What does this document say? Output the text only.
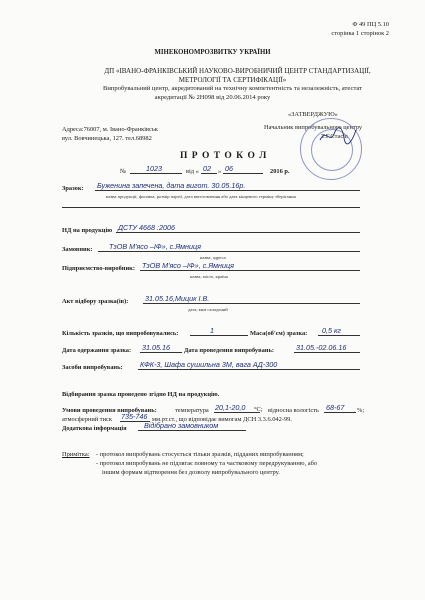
Ф 49 ПЦ 5.10
сторінка 1 сторінок 2
МІНЕКОНОМРОЗВИТКУ УКРАЇНИ
ДП «ІВАНО-ФРАНКІВСЬКИЙ НАУКОВО-ВИРОБНИЧИЙ ЦЕНТР СТАНДАРТИЗАЦІЇ,
МЕТРОЛОГІЇ ТА СЕРТИФІКАЦІЇ»
Випробувальний центр, акредитований на технічну компетентність та незалежність, атестат
акредитації № 2Н098 від 20.06.2014 року
Адреса:76007, м. Івано-Франківськ
вул. Вовчинецька, 127. тел.68982
«ЗАТВЕРДЖУЮ»
Начальник випробувального центру
Т.Г.Стасів
П Р О Т О К О Л
№	1023	від « 02 » 06	2016 р.
Зразок: Буженина запечена, дата вигот. 30.05.16р.
назва продукції, фасовка, розмір партії, дата виготовлення або дата кінцевого терміну зберігання
НД на продукцію ДСТУ 4668 :2006
Замовник: ТзОВ М'ясо –ІФ», с.Ямниця
назва, адреса
Підприємство-виробник: ТзОВ М'ясо –ІФ», с.Ямниця
назва, місто, країна
Акт відбору зразка(ів): 31.05.16,Мицик І.В.
дата, ким складений
Кількість зразків, що випробовувались:	1	Маса(об'єм) зразка: 0,5 кг
Дата одержання зразка: 31.05.16 Дата проведення випробувань:	31.05.-02.06.16
Засоби випробувань: КФК-3, Шафа сушильна 3М, вага АД-300
Відбирання зразка проведено згідно НД на продукцію.
Умови проведення випробувань:	температура 20,1-20,0 °C; відносна вологість 68-67 %;
атмосферний тиск 735-746 мм.рт.ст., що відповідає вимогам ДСН 3.3.6.042-99.
Додаткова інформація Відібрано замовником
Примітка: - протокол випробувань стосується тільки зразків, підданих випробуванням;
- протокол випробувань не підлягає повному та частковому передрукуванню, або
іншим формам відтворення без дозволу випробувального центру.
